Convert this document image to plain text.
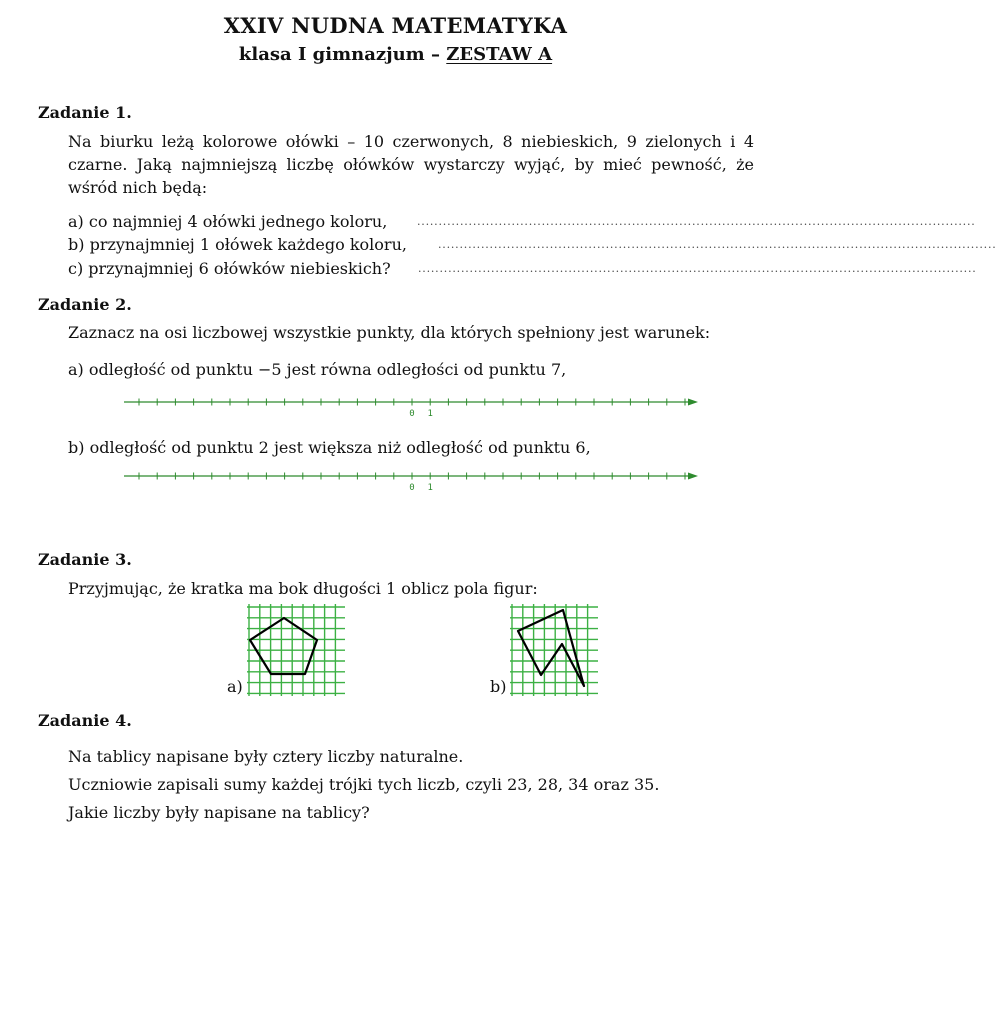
XXIV NUDNA MATEMATYKA
klasa I gimnazjum – ZESTAW A
Zadanie 1.
Na biurku leżą kolorowe ołówki – 10 czerwonych, 8 niebieskich, 9 zielonych i 4 czarne. Jaką najmniejszą liczbę ołówków wystarczy wyjąć, by mieć pewność, że wśród nich będą:
a) co najmniej 4 ołówki jednego koloru,	..................................................................................................................................
b) przynajmniej 1 ołówek każdego koloru,	..................................................................................................................................
c) przynajmniej 6 ołówków niebieskich? ..................................................................................................................................
Zadanie 2.
Zaznacz na osi liczbowej wszystkie punkty, dla których spełniony jest warunek:
a) odległość od punktu −5 jest równa odległości od punktu 7,
0 1
b) odległość od punktu 2 jest większa niż odległość od punktu 6,
0 1
Zadanie 3.
Przyjmując, że kratka ma bok długości 1 oblicz pola figur:
a)	b)
Zadanie 4.
Na tablicy napisane były cztery liczby naturalne.
Uczniowie zapisali sumy każdej trójki tych liczb, czyli 23, 28, 34 oraz 35.
Jakie liczby były napisane na tablicy?
